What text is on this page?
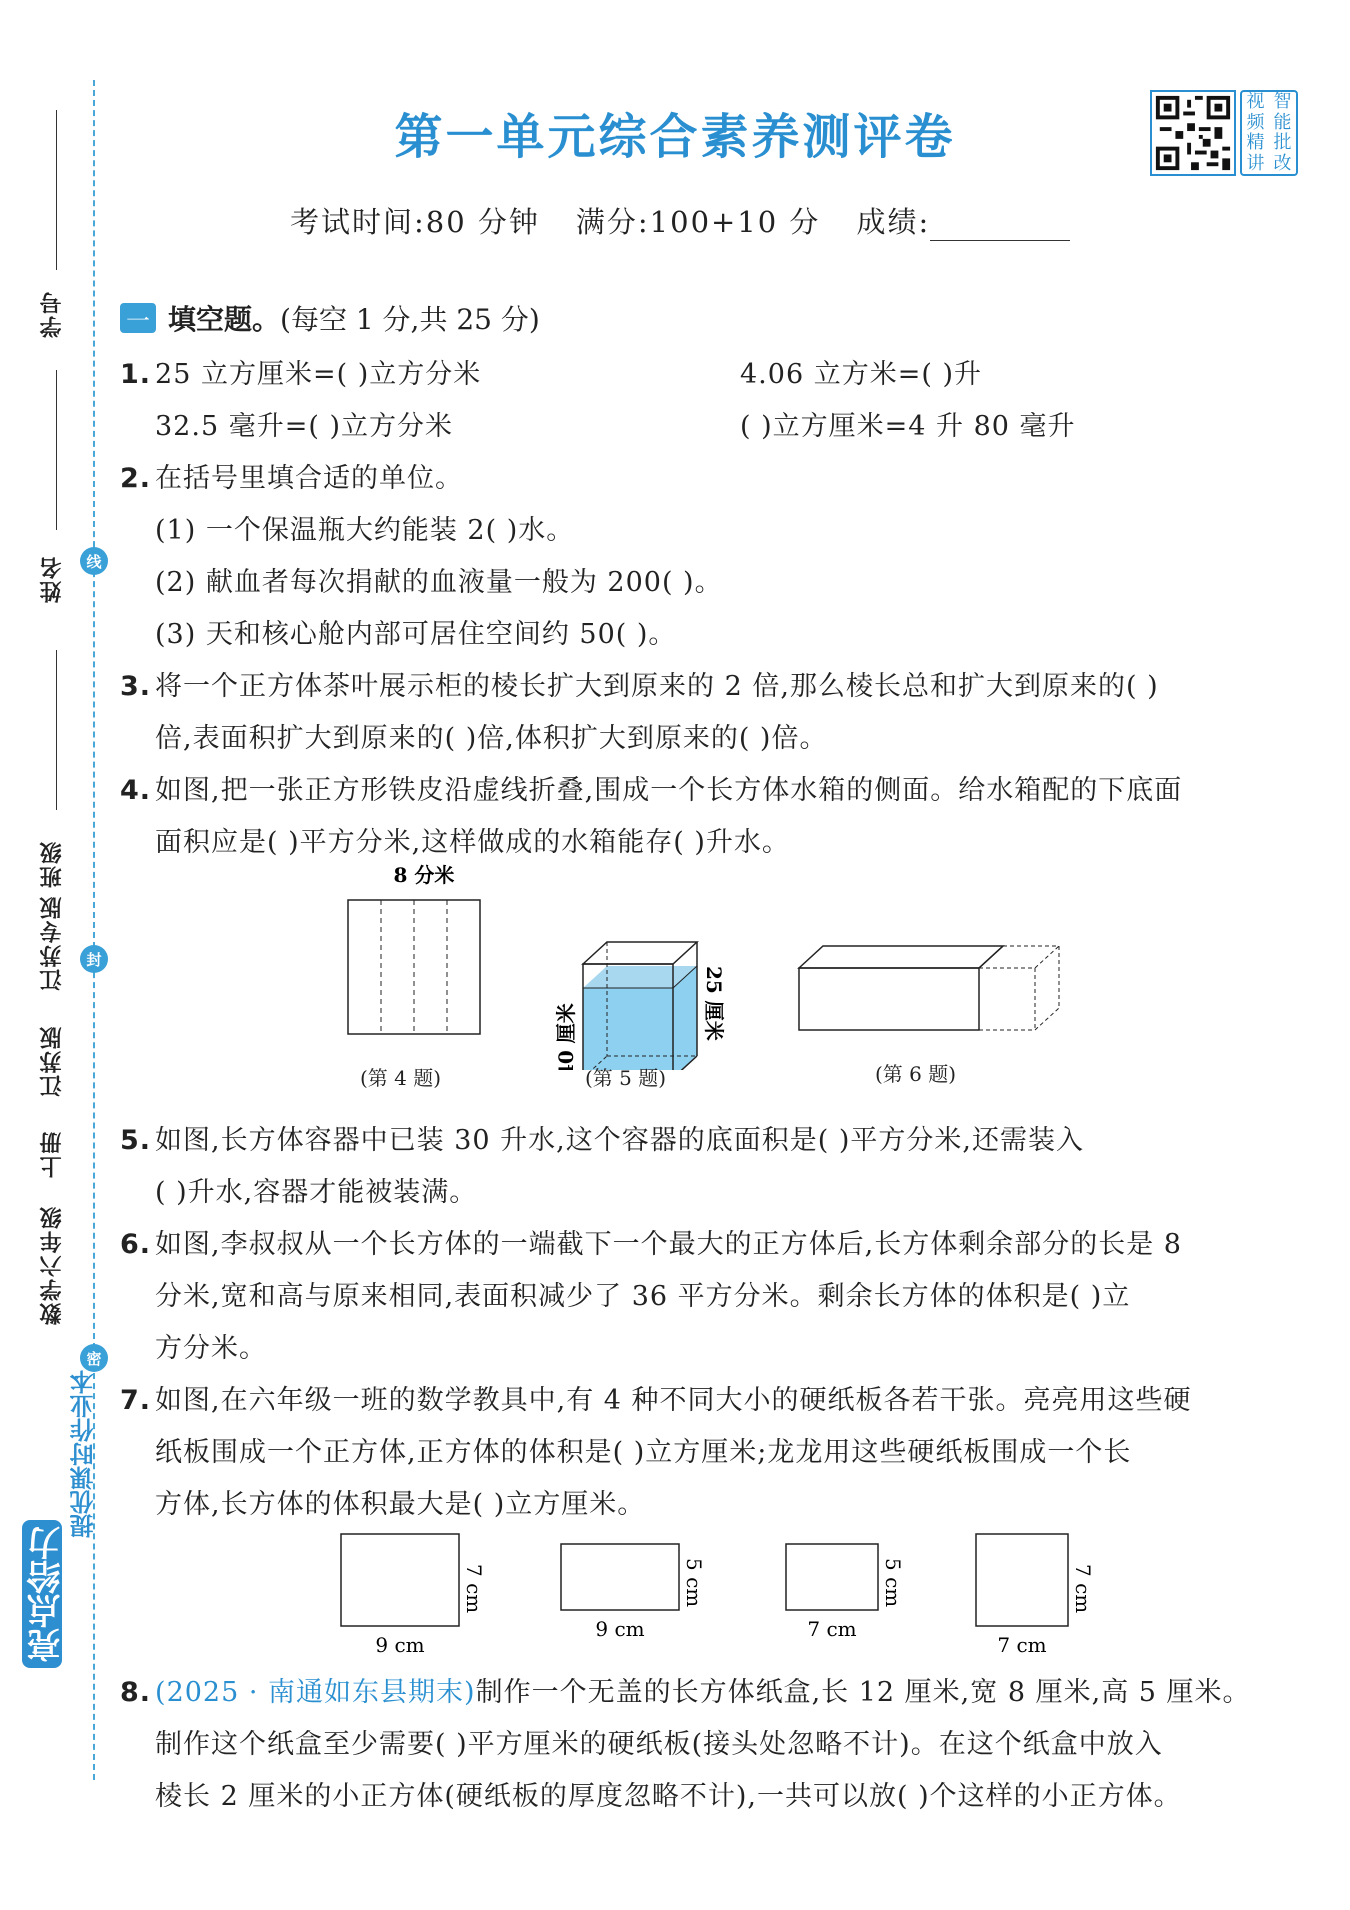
学号
姓名
班级
线
封
密
江苏专版
江苏版
上册
数学六年级
提优课时作业本
亮点给力
第一单元综合素养测评卷
视 智
频 能
精 批
讲 改
考试时间:80 分钟 满分:100+10 分 成绩:
一 填空题。 (每空 1 分,共 25 分)
1. 25 立方厘米=( )立方分米	4.06 立方米=( )升
32.5 毫升=( )立方分米	( )立方厘米=4 升 80 毫升
2. 在括号里填合适的单位。
(1) 一个保温瓶大约能装 2( )水。
(2) 献血者每次捐献的血液量一般为 200( )。
(3) 天和核心舱内部可居住空间约 50( )。
3. 将一个正方体茶叶展示柜的棱长扩大到原来的 2 倍,那么棱长总和扩大到原来的( )
倍,表面积扩大到原来的( )倍,体积扩大到原来的( )倍。
4. 如图,把一张正方形铁皮沿虚线折叠,围成一个长方体水箱的侧面。给水箱配的下底面
面积应是( )平方分米,这样做成的水箱能存( )升水。
8 分米
(第 4 题)	40 厘米	25 厘米
(第 5 题)	(第 6 题)
5. 如图,长方体容器中已装 30 升水,这个容器的底面积是( )平方分米,还需装入
( )升水,容器才能被装满。
6. 如图,李叔叔从一个长方体的一端截下一个最大的正方体后,长方体剩余部分的长是 8
分米,宽和高与原来相同,表面积减少了 36 平方分米。剩余长方体的体积是( )立
方分米。
7. 如图,在六年级一班的数学教具中,有 4 种不同大小的硬纸板各若干张。亮亮用这些硬
纸板围成一个正方体,正方体的体积是( )立方厘米;龙龙用这些硬纸板围成一个长
方体,长方体的体积最大是( )立方厘米。
9 cm
7 cm
9 cm
5 cm
7 cm
5 cm
7 cm
7 cm
8. (2025 · 南通如东县期末)制作一个无盖的长方体纸盒,长 12 厘米,宽 8 厘米,高 5 厘米。
制作这个纸盒至少需要( )平方厘米的硬纸板(接头处忽略不计)。在这个纸盒中放入
棱长 2 厘米的小正方体(硬纸板的厚度忽略不计),一共可以放( )个这样的小正方体。
